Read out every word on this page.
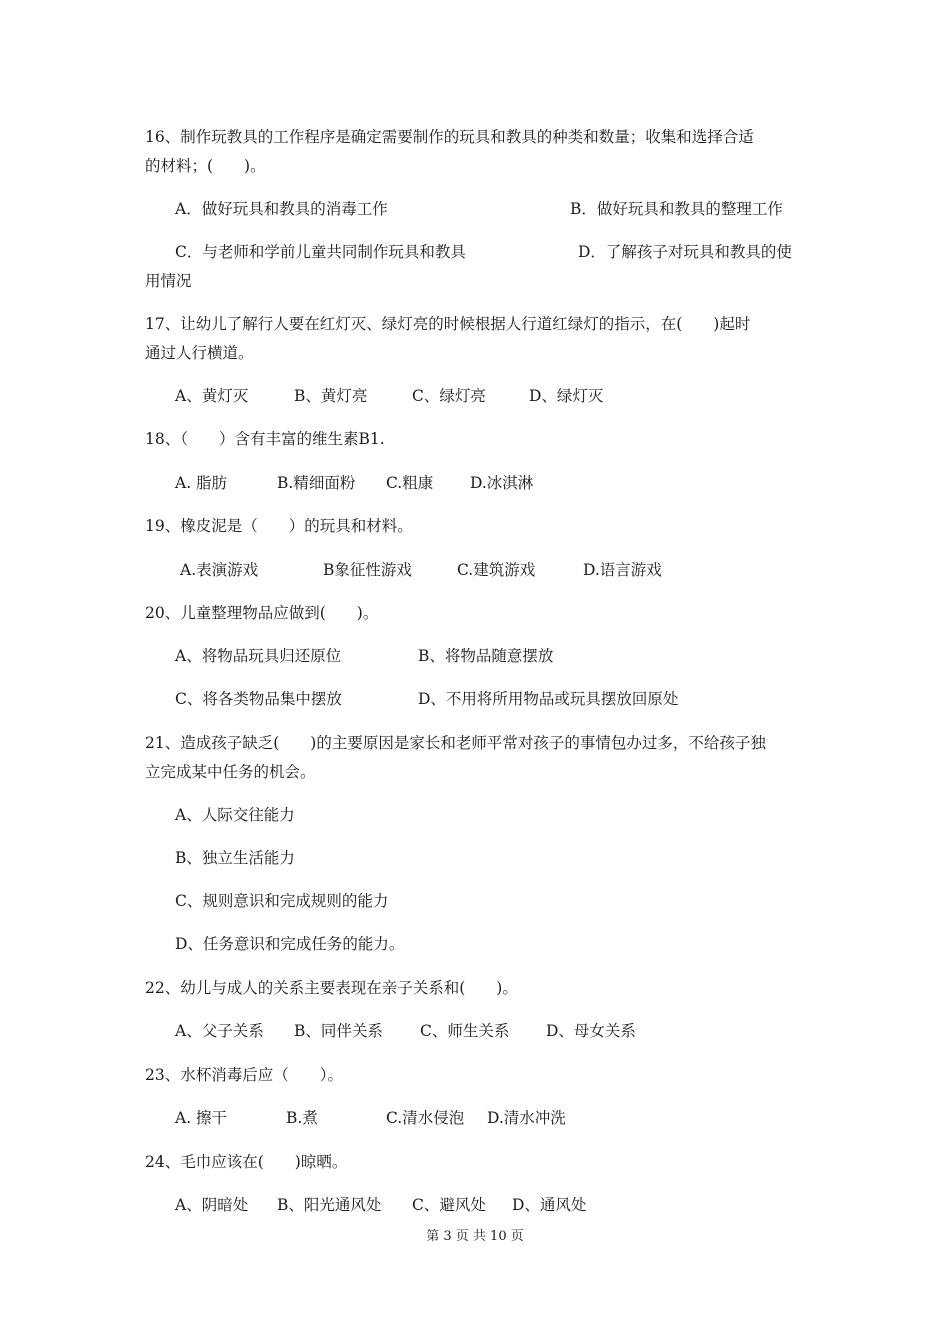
16、制作玩教具的工作程序是确定需要制作的玩具和教具的种类和数量；收集和选择合适
的材料；(　　)。
A．做好玩具和教具的消毒工作	B．做好玩具和教具的整理工作
C．与老师和学前儿童共同制作玩具和教具	D．了解孩子对玩具和教具的使
用情况
17、让幼儿了解行人要在红灯灭、绿灯亮的时候根据人行道红绿灯的指示，在(　　)起时
通过人行横道。
A、黄灯灭	B、黄灯亮	C、绿灯亮	D、绿灯灭
18、（　　）含有丰富的维生素B1.
A. 脂肪	B.精细面粉 C.粗康 D.冰淇淋
19、橡皮泥是（　　）的玩具和材料。
A.表演游戏	B象征性游戏	C.建筑游戏	D.语言游戏
20、儿童整理物品应做到(　　)。
A、将物品玩具归还原位	B、将物品随意摆放
C、将各类物品集中摆放	D、不用将所用物品或玩具摆放回原处
21、造成孩子缺乏(　　)的主要原因是家长和老师平常对孩子的事情包办过多，不给孩子独
立完成某中任务的机会。
A、人际交往能力
B、独立生活能力
C、规则意识和完成规则的能力
D、任务意识和完成任务的能力。
22、幼儿与成人的关系主要表现在亲子关系和(　　)。
A、父子关系 B、同伴关系 C、师生关系 D、母女关系
23、水杯消毒后应（　　）。
A. 擦干	B.煮	C.清水侵泡 D.清水冲洗
24、毛巾应该在(　　)晾晒。
A、阴暗处 B、阳光通风处 C、避风处 D、通风处
第 3 页 共 10 页
